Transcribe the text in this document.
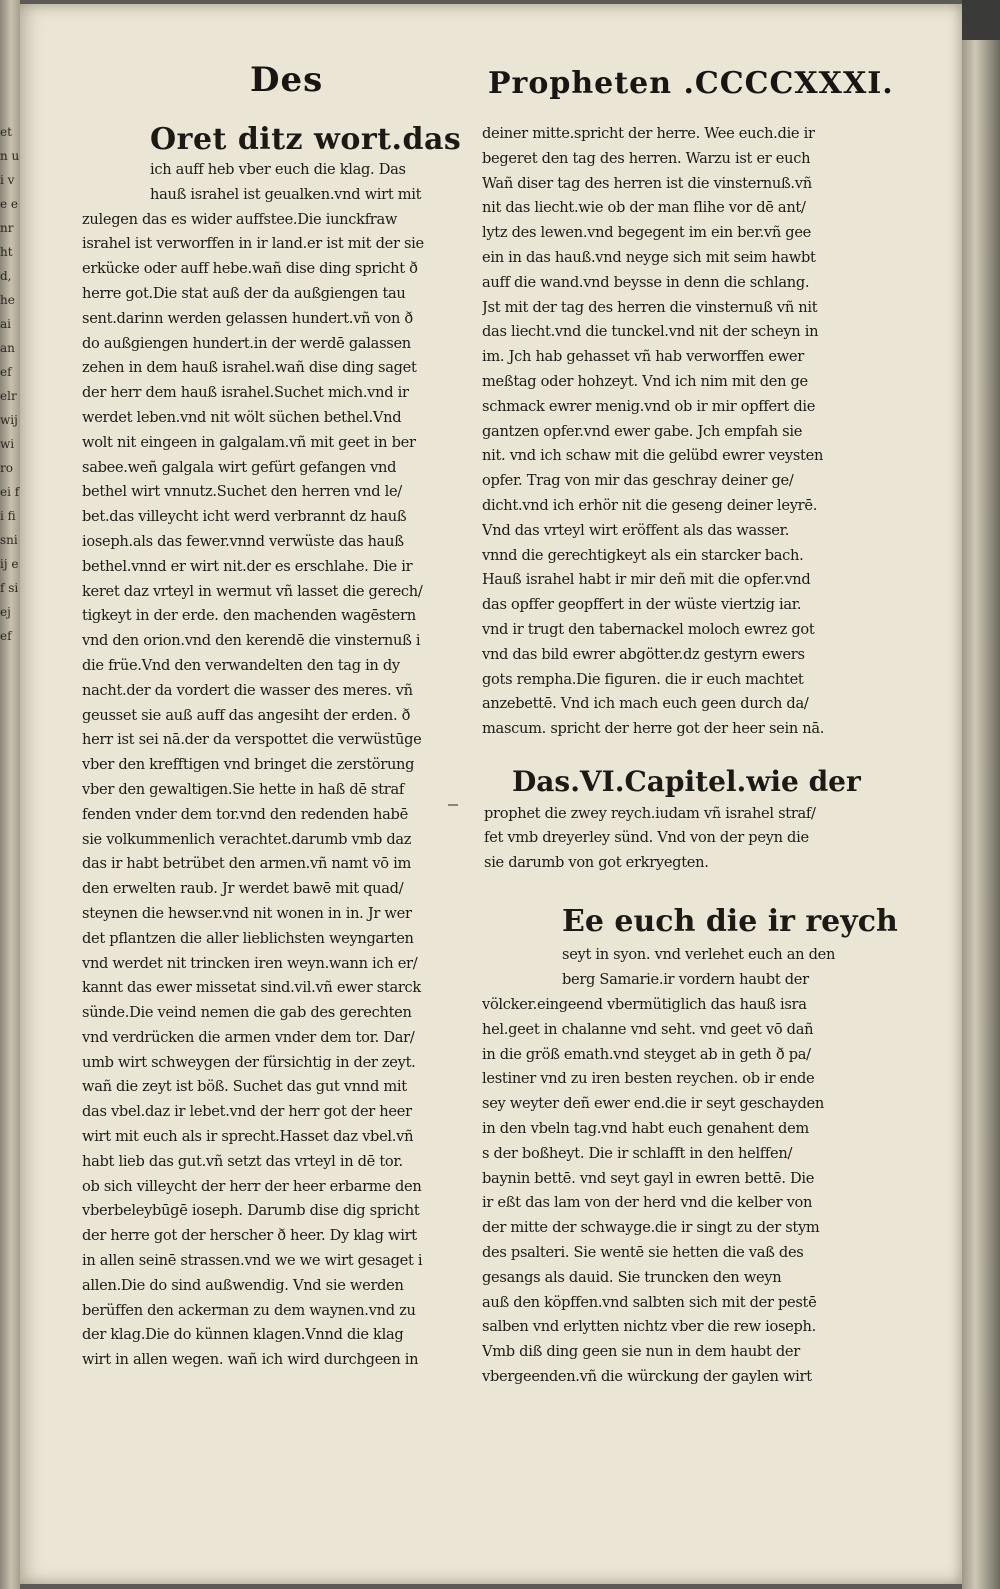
et n ui ve enr ht d, he ai an ef elr wij wi ro ei fi fi sni ij ef si ej ef
Des	Propheten .CCCCXXXI.
Oret ditz wort.das
ich auff heb vber euch die klag. Das
hauß israhel ist geualken.vnd wirt mit
zulegen das es wider auffstee.Die iunckfraw
israhel ist verworffen in ir land.er ist mit der sie
erkücke oder auff hebe.wañ dise ding spricht ð
herre got.Die stat auß der da außgiengen tau
sent.darinn werden gelassen hundert.vñ von ð
do außgiengen hundert.in der werdē galassen
zehen in dem hauß israhel.wañ dise ding saget
der herr dem hauß israhel.Suchet mich.vnd ir
werdet leben.vnd nit wölt süchen bethel.Vnd
wolt nit eingeen in galgalam.vñ mit geet in ber
sabee.weñ galgala wirt gefürt gefangen vnd
bethel wirt vnnutz.Suchet den herren vnd le/
bet.das villeycht icht werd verbrannt dz hauß
ioseph.als das fewer.vnnd verwüste das hauß
bethel.vnnd er wirt nit.der es erschlahe. Die ir
keret daz vrteyl in wermut vñ lasset die gerech/
tigkeyt in der erde. den machenden wagēstern
vnd den orion.vnd den kerendē die vinsternuß i
die früe.Vnd den verwandelten den tag in dy
nacht.der da vordert die wasser des meres. vñ
geusset sie auß auff das angesiht der erden. ð
herr ist sei nā.der da verspottet die verwüstūge
vber den krefftigen vnd bringet die zerstörung
vber den gewaltigen.Sie hette in haß dē straf
fenden vnder dem tor.vnd den redenden habē
sie volkummenlich verachtet.darumb vmb daz
das ir habt betrübet den armen.vñ namt vō im
den erwelten raub. Jr werdet bawē mit quad/
steynen die hewser.vnd nit wonen in in. Jr wer
det pflantzen die aller lieblichsten weyngarten
vnd werdet nit trincken iren weyn.wann ich er/
kannt das ewer missetat sind.vil.vñ ewer starck
sünde.Die veind nemen die gab des gerechten
vnd verdrücken die armen vnder dem tor. Dar/
umb wirt schweygen der fürsichtig in der zeyt.
wañ die zeyt ist böß. Suchet das gut vnnd mit
das vbel.daz ir lebet.vnd der herr got der heer
wirt mit euch als ir sprecht.Hasset daz vbel.vñ
habt lieb das gut.vñ setzt das vrteyl in dē tor.
ob sich villeycht der herr der heer erbarme den
vberbeleybūgē ioseph. Darumb dise dig spricht
der herre got der herscher ð heer. Dy klag wirt
in allen seinē strassen.vnd we we wirt gesaget i
allen.Die do sind außwendig. Vnd sie werden
berüffen den ackerman zu dem waynen.vnd zu
der klag.Die do künnen klagen.Vnnd die klag
wirt in allen wegen. wañ ich wird durchgeen in
deiner mitte.spricht der herre. Wee euch.die ir
begeret den tag des herren. Warzu ist er euch
Wañ diser tag des herren ist die vinsternuß.vñ
nit das liecht.wie ob der man flihe vor dē ant/
lytz des lewen.vnd begegent im ein ber.vñ gee
ein in das hauß.vnd neyge sich mit seim hawbt
auff die wand.vnd beysse in denn die schlang.
Jst mit der tag des herren die vinsternuß vñ nit
das liecht.vnd die tunckel.vnd nit der scheyn in
im. Jch hab gehasset vñ hab verworffen ewer
meßtag oder hohzeyt. Vnd ich nim mit den ge
schmack ewrer menig.vnd ob ir mir opffert die
gantzen opfer.vnd ewer gabe. Jch empfah sie
nit. vnd ich schaw mit die gelübd ewrer veysten
opfer. Trag von mir das geschray deiner ge/
dicht.vnd ich erhör nit die geseng deiner leyrē.
Vnd das vrteyl wirt eröffent als das wasser.
vnnd die gerechtigkeyt als ein starcker bach.
Hauß israhel habt ir mir deñ mit die opfer.vnd
das opffer geopffert in der wüste viertzig iar.
vnd ir trugt den tabernackel moloch ewrez got
vnd das bild ewrer abgötter.dz gestyrn ewers
gots rempha.Die figuren. die ir euch machtet
anzebettē. Vnd ich mach euch geen durch da/
mascum. spricht der herre got der heer sein nā.
Das.VI.Capitel.wie der
prophet die zwey reych.iudam vñ israhel straf/
fet vmb dreyerley sünd. Vnd von der peyn die
sie darumb von got erkryegten.
Ee euch die ir reych
seyt in syon. vnd verlehet euch an den
berg Samarie.ir vordern haubt der
völcker.eingeend vbermütiglich das hauß isra
hel.geet in chalanne vnd seht. vnd geet vō dañ
in die größ emath.vnd steyget ab in geth ð pa/
lestiner vnd zu iren besten reychen. ob ir ende
sey weyter deñ ewer end.die ir seyt geschayden
in den vbeln tag.vnd habt euch genahent dem
s der boßheyt. Die ir schlafft in den helffen/
baynin bettē. vnd seyt gayl in ewren bettē. Die
ir eßt das lam von der herd vnd die kelber von
der mitte der schwayge.die ir singt zu der stym
des psalteri. Sie wentē sie hetten die vaß des
gesangs als dauid. Sie truncken den weyn
auß den köpffen.vnd salbten sich mit der pestē
salben vnd erlytten nichtz vber die rew ioseph.
Vmb diß ding geen sie nun in dem haubt der
vbergeenden.vñ die würckung der gaylen wirt
